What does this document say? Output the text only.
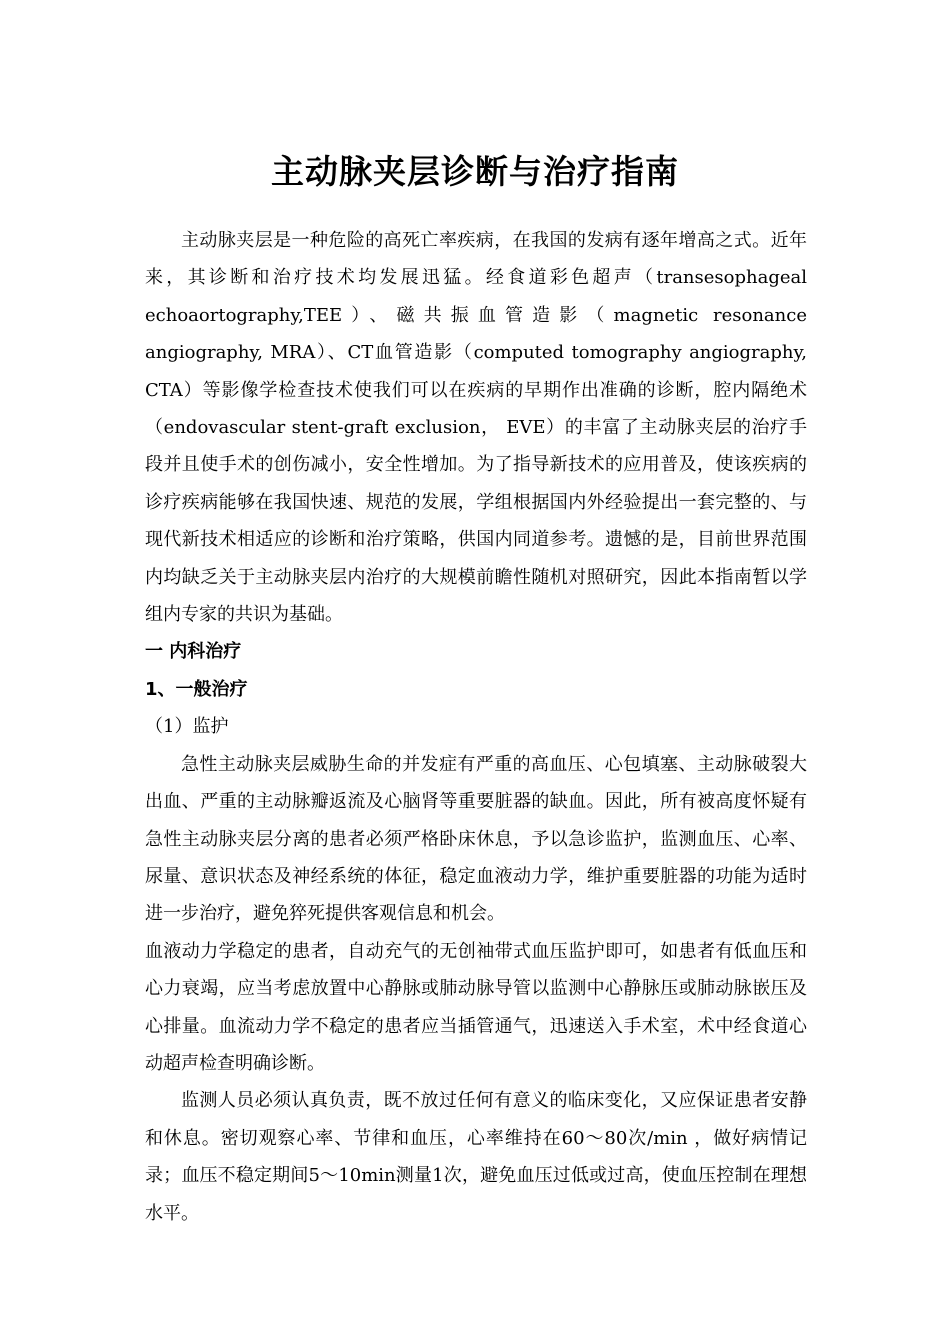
主动脉夹层诊断与治疗指南

主动脉夹层是一种危险的高死亡率疾病，在我国的发病有逐年增高之式。近年来，其诊断和治疗技术均发展迅猛。经食道彩色超声（transesophageal echoaortography,TEE）、磁共振血管造影（magnetic resonance angiography, MRA）、CT血管造影（computed tomography angiography, CTA）等影像学检查技术使我们可以在疾病的早期作出准确的诊断，腔内隔绝术（endovascular stent-graft exclusion， EVE）的丰富了主动脉夹层的治疗手段并且使手术的创伤减小，安全性增加。为了指导新技术的应用普及，使该疾病的诊疗疾病能够在我国快速、规范的发展，学组根据国内外经验提出一套完整的、与现代新技术相适应的诊断和治疗策略，供国内同道参考。遗憾的是，目前世界范围内均缺乏关于主动脉夹层内治疗的大规模前瞻性随机对照研究，因此本指南暂以学组内专家的共识为基础。

一 内科治疗

1、一般治疗

（1）监护

急性主动脉夹层威胁生命的并发症有严重的高血压、心包填塞、主动脉破裂大出血、严重的主动脉瓣返流及心脑肾等重要脏器的缺血。因此，所有被高度怀疑有急性主动脉夹层分离的患者必须严格卧床休息，予以急诊监护，监测血压、心率、尿量、意识状态及神经系统的体征，稳定血液动力学，维护重要脏器的功能为适时进一步治疗，避免猝死提供客观信息和机会。

血液动力学稳定的患者，自动充气的无创袖带式血压监护即可，如患者有低血压和心力衰竭，应当考虑放置中心静脉或肺动脉导管以监测中心静脉压或肺动脉嵌压及心排量。血流动力学不稳定的患者应当插管通气，迅速送入手术室，术中经食道心动超声检查明确诊断。

监测人员必须认真负责，既不放过任何有意义的临床变化，又应保证患者安静和休息。密切观察心率、节律和血压，心率维持在60～80次/min ，做好病情记录；血压不稳定期间5～10min测量1次，避免血压过低或过高，使血压控制在理想水平。
